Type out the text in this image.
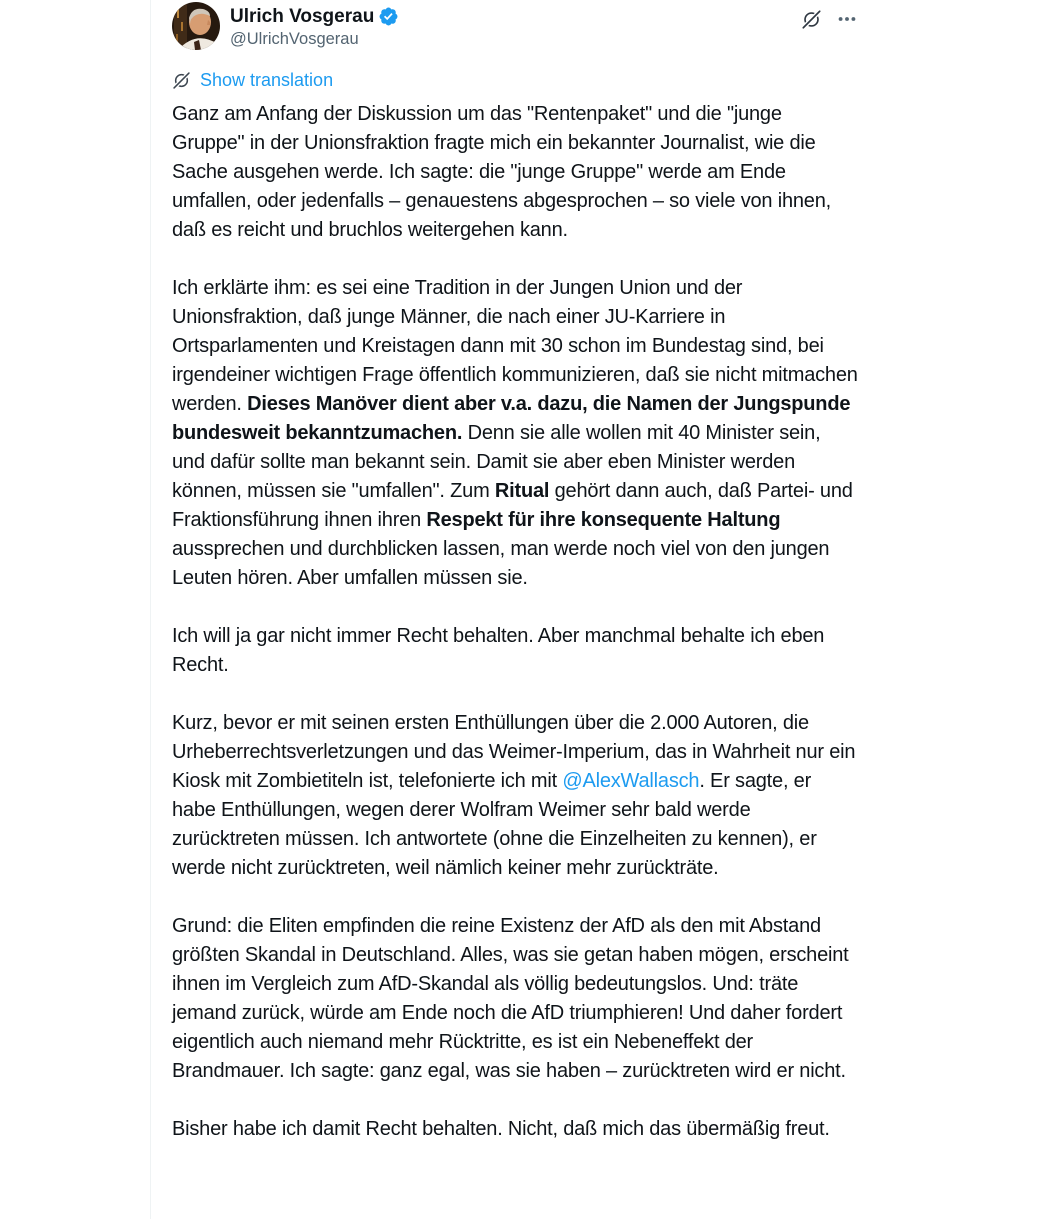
Ulrich Vosgerau
@UlrichVosgerau
Show translation

Ganz am Anfang der Diskussion um das "Rentenpaket" und die "junge Gruppe" in der Unionsfraktion fragte mich ein bekannter Journalist, wie die Sache ausgehen werde. Ich sagte: die "junge Gruppe" werde am Ende umfallen, oder jedenfalls – genauestens abgesprochen – so viele von ihnen, daß es reicht und bruchlos weitergehen kann.

Ich erklärte ihm: es sei eine Tradition in der Jungen Union und der Unionsfraktion, daß junge Männer, die nach einer JU-Karriere in Ortsparlamenten und Kreistagen dann mit 30 schon im Bundestag sind, bei irgendeiner wichtigen Frage öffentlich kommunizieren, daß sie nicht mitmachen werden. Dieses Manöver dient aber v.a. dazu, die Namen der Jungspunde bundesweit bekanntzumachen. Denn sie alle wollen mit 40 Minister sein, und dafür sollte man bekannt sein. Damit sie aber eben Minister werden können, müssen sie "umfallen". Zum Ritual gehört dann auch, daß Partei- und Fraktionsführung ihnen ihren Respekt für ihre konsequente Haltung aussprechen und durchblicken lassen, man werde noch viel von den jungen Leuten hören. Aber umfallen müssen sie.

Ich will ja gar nicht immer Recht behalten. Aber manchmal behalte ich eben Recht.

Kurz, bevor er mit seinen ersten Enthüllungen über die 2.000 Autoren, die Urheberrechtsverletzungen und das Weimer-Imperium, das in Wahrheit nur ein Kiosk mit Zombietiteln ist, telefonierte ich mit @AlexWallasch. Er sagte, er habe Enthüllungen, wegen derer Wolfram Weimer sehr bald werde zurücktreten müssen. Ich antwortete (ohne die Einzelheiten zu kennen), er werde nicht zurücktreten, weil nämlich keiner mehr zurückträte.

Grund: die Eliten empfinden die reine Existenz der AfD als den mit Abstand größten Skandal in Deutschland. Alles, was sie getan haben mögen, erscheint ihnen im Vergleich zum AfD-Skandal als völlig bedeutungslos. Und: träte jemand zurück, würde am Ende noch die AfD triumphieren! Und daher fordert eigentlich auch niemand mehr Rücktritte, es ist ein Nebeneffekt der Brandmauer. Ich sagte: ganz egal, was sie haben – zurücktreten wird er nicht.

Bisher habe ich damit Recht behalten. Nicht, daß mich das übermäßig freut.
